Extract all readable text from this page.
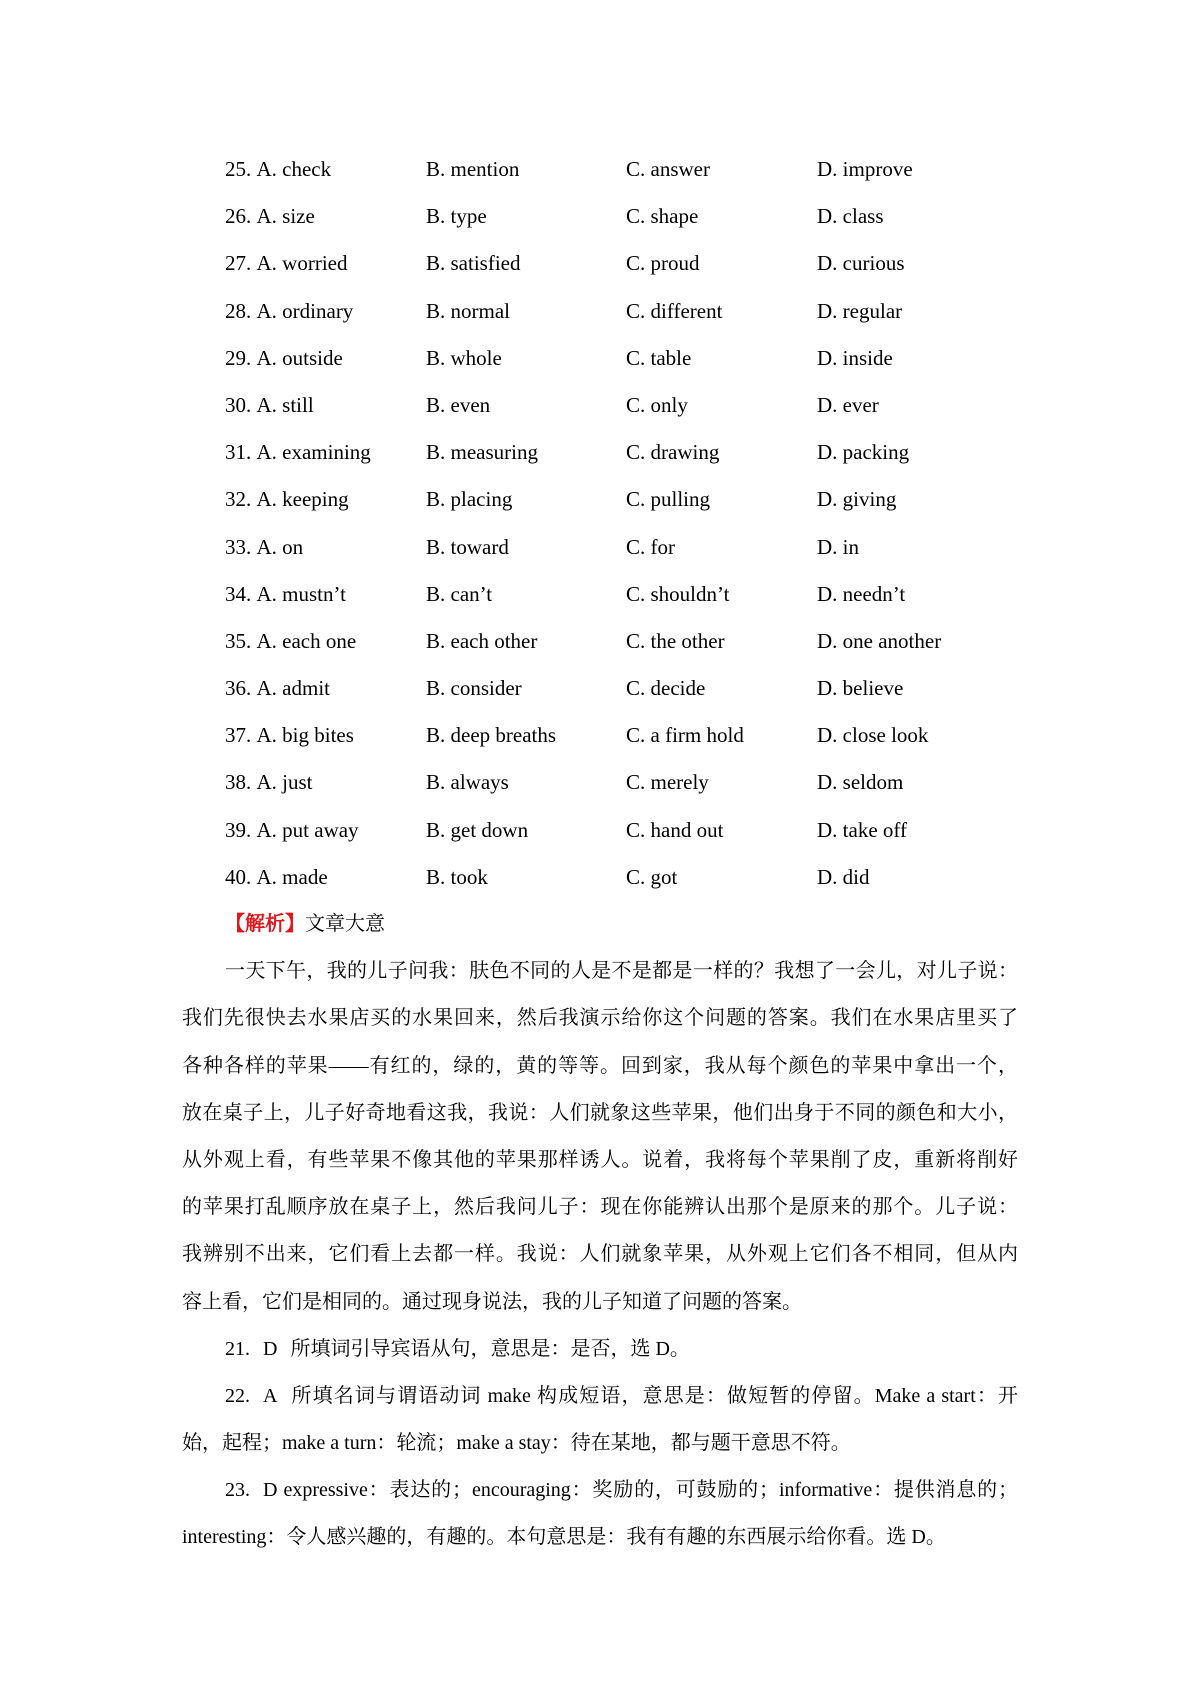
25. A. check	B. mention	C. answer	D. improve
26. A. size	B. type	C. shape	D. class
27. A. worried	B. satisfied	C. proud	D. curious
28. A. ordinary	B. normal	C. different	D. regular
29. A. outside	B. whole	C. table	D. inside
30. A. still	B. even	C. only	D. ever
31. A. examining	B. measuring	C. drawing	D. packing
32. A. keeping	B. placing	C. pulling	D. giving
33. A. on	B. toward	C. for	D. in
34. A. mustn’t	B. can’t	C. shouldn’t	D. needn’t
35. A. each one	B. each other	C. the other	D. one another
36. A. admit	B. consider	C. decide	D. believe
37. A. big bites	B. deep breaths	C. a firm hold	D. close look
38. A. just	B. always	C. merely	D. seldom
39. A. put away	B. get down	C. hand out	D. take off
40. A. made	B. took	C. got	D. did
【解析】文章大意
一天下午，我的儿子问我：肤色不同的人是不是都是一样的？我想了一会儿，对儿子说：
我们先很快去水果店买的水果回来，然后我演示给你这个问题的答案。我们在水果店里买了
各种各样的苹果——有红的，绿的，黄的等等。回到家，我从每个颜色的苹果中拿出一个，
放在桌子上，儿子好奇地看这我，我说：人们就象这些苹果，他们出身于不同的颜色和大小，
从外观上看，有些苹果不像其他的苹果那样诱人。说着，我将每个苹果削了皮，重新将削好
的苹果打乱顺序放在桌子上，然后我问儿子：现在你能辨认出那个是原来的那个。儿子说：
我辨别不出来，它们看上去都一样。我说：人们就象苹果，从外观上它们各不相同，但从内
容上看，它们是相同的。通过现身说法，我的儿子知道了问题的答案。
21. D 所填词引导宾语从句，意思是：是否，选 D。
22. A 所填名词与谓语动词 make 构成短语，意思是：做短暂的停留。Make a start：开
始，起程；make a turn：轮流；make a stay：待在某地，都与题干意思不符。
23. D expressive：表达的；encouraging：奖励的，可鼓励的；informative：提供消息的；
interesting：令人感兴趣的，有趣的。本句意思是：我有有趣的东西展示给你看。选 D。
